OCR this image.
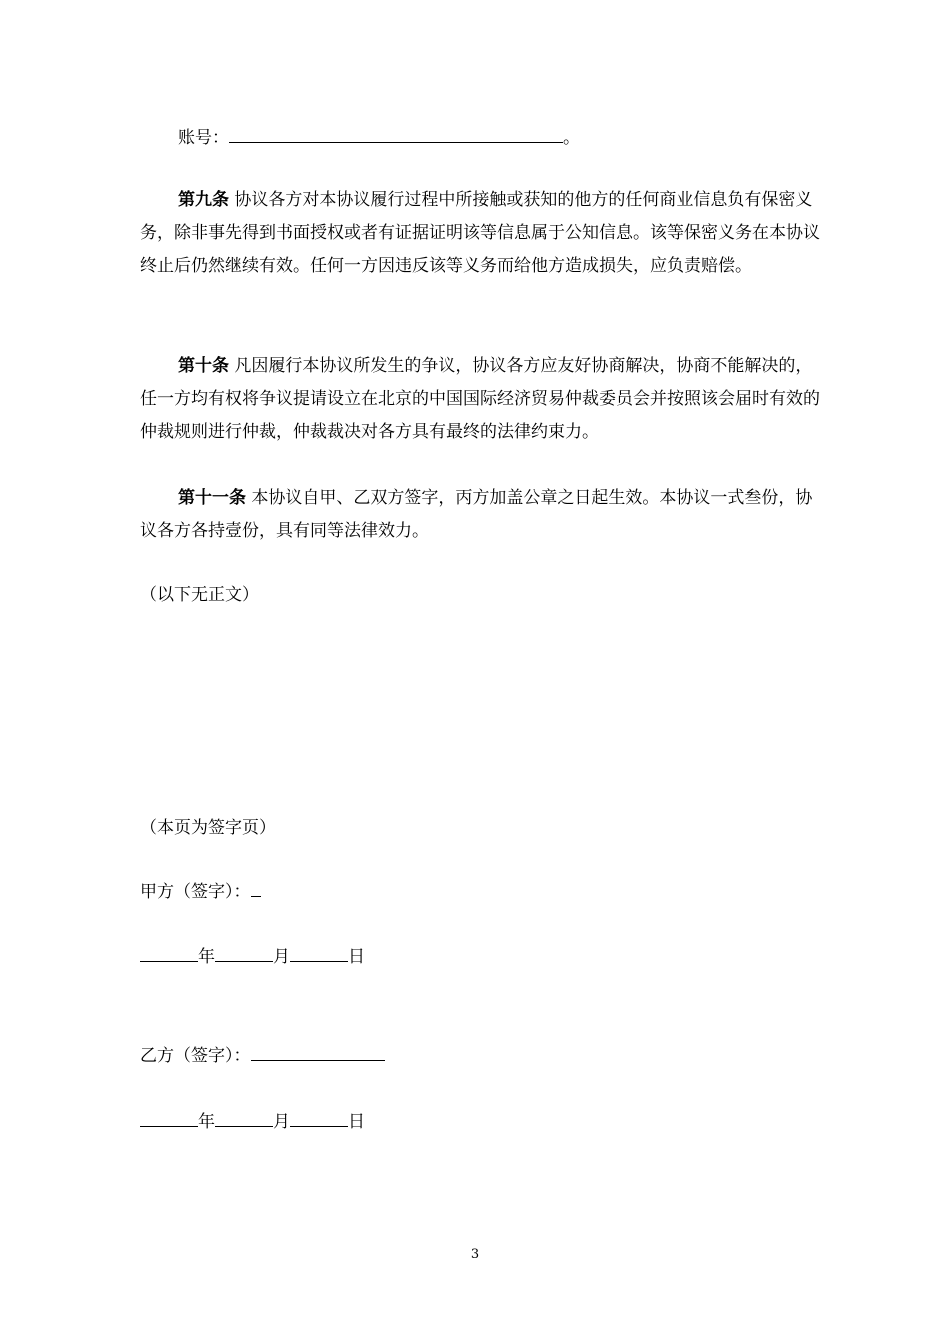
账号：	。
第九条 协议各方对本协议履行过程中所接触或获知的他方的任何商业信息负有保密义务，除非事先得到书面授权或者有证据证明该等信息属于公知信息。该等保密义务在本协议终止后仍然继续有效。任何一方因违反该等义务而给他方造成损失，应负责赔偿。
第十条 凡因履行本协议所发生的争议，协议各方应友好协商解决，协商不能解决的，任一方均有权将争议提请设立在北京的中国国际经济贸易仲裁委员会并按照该会届时有效的仲裁规则进行仲裁，仲裁裁决对各方具有最终的法律约束力。
第十一条 本协议自甲、乙双方签字，丙方加盖公章之日起生效。本协议一式叁份，协议各方各持壹份，具有同等法律效力。
（以下无正文）
（本页为签字页）
甲方（签字）：
年	月	日
乙方（签字）：
年	月	日
3
